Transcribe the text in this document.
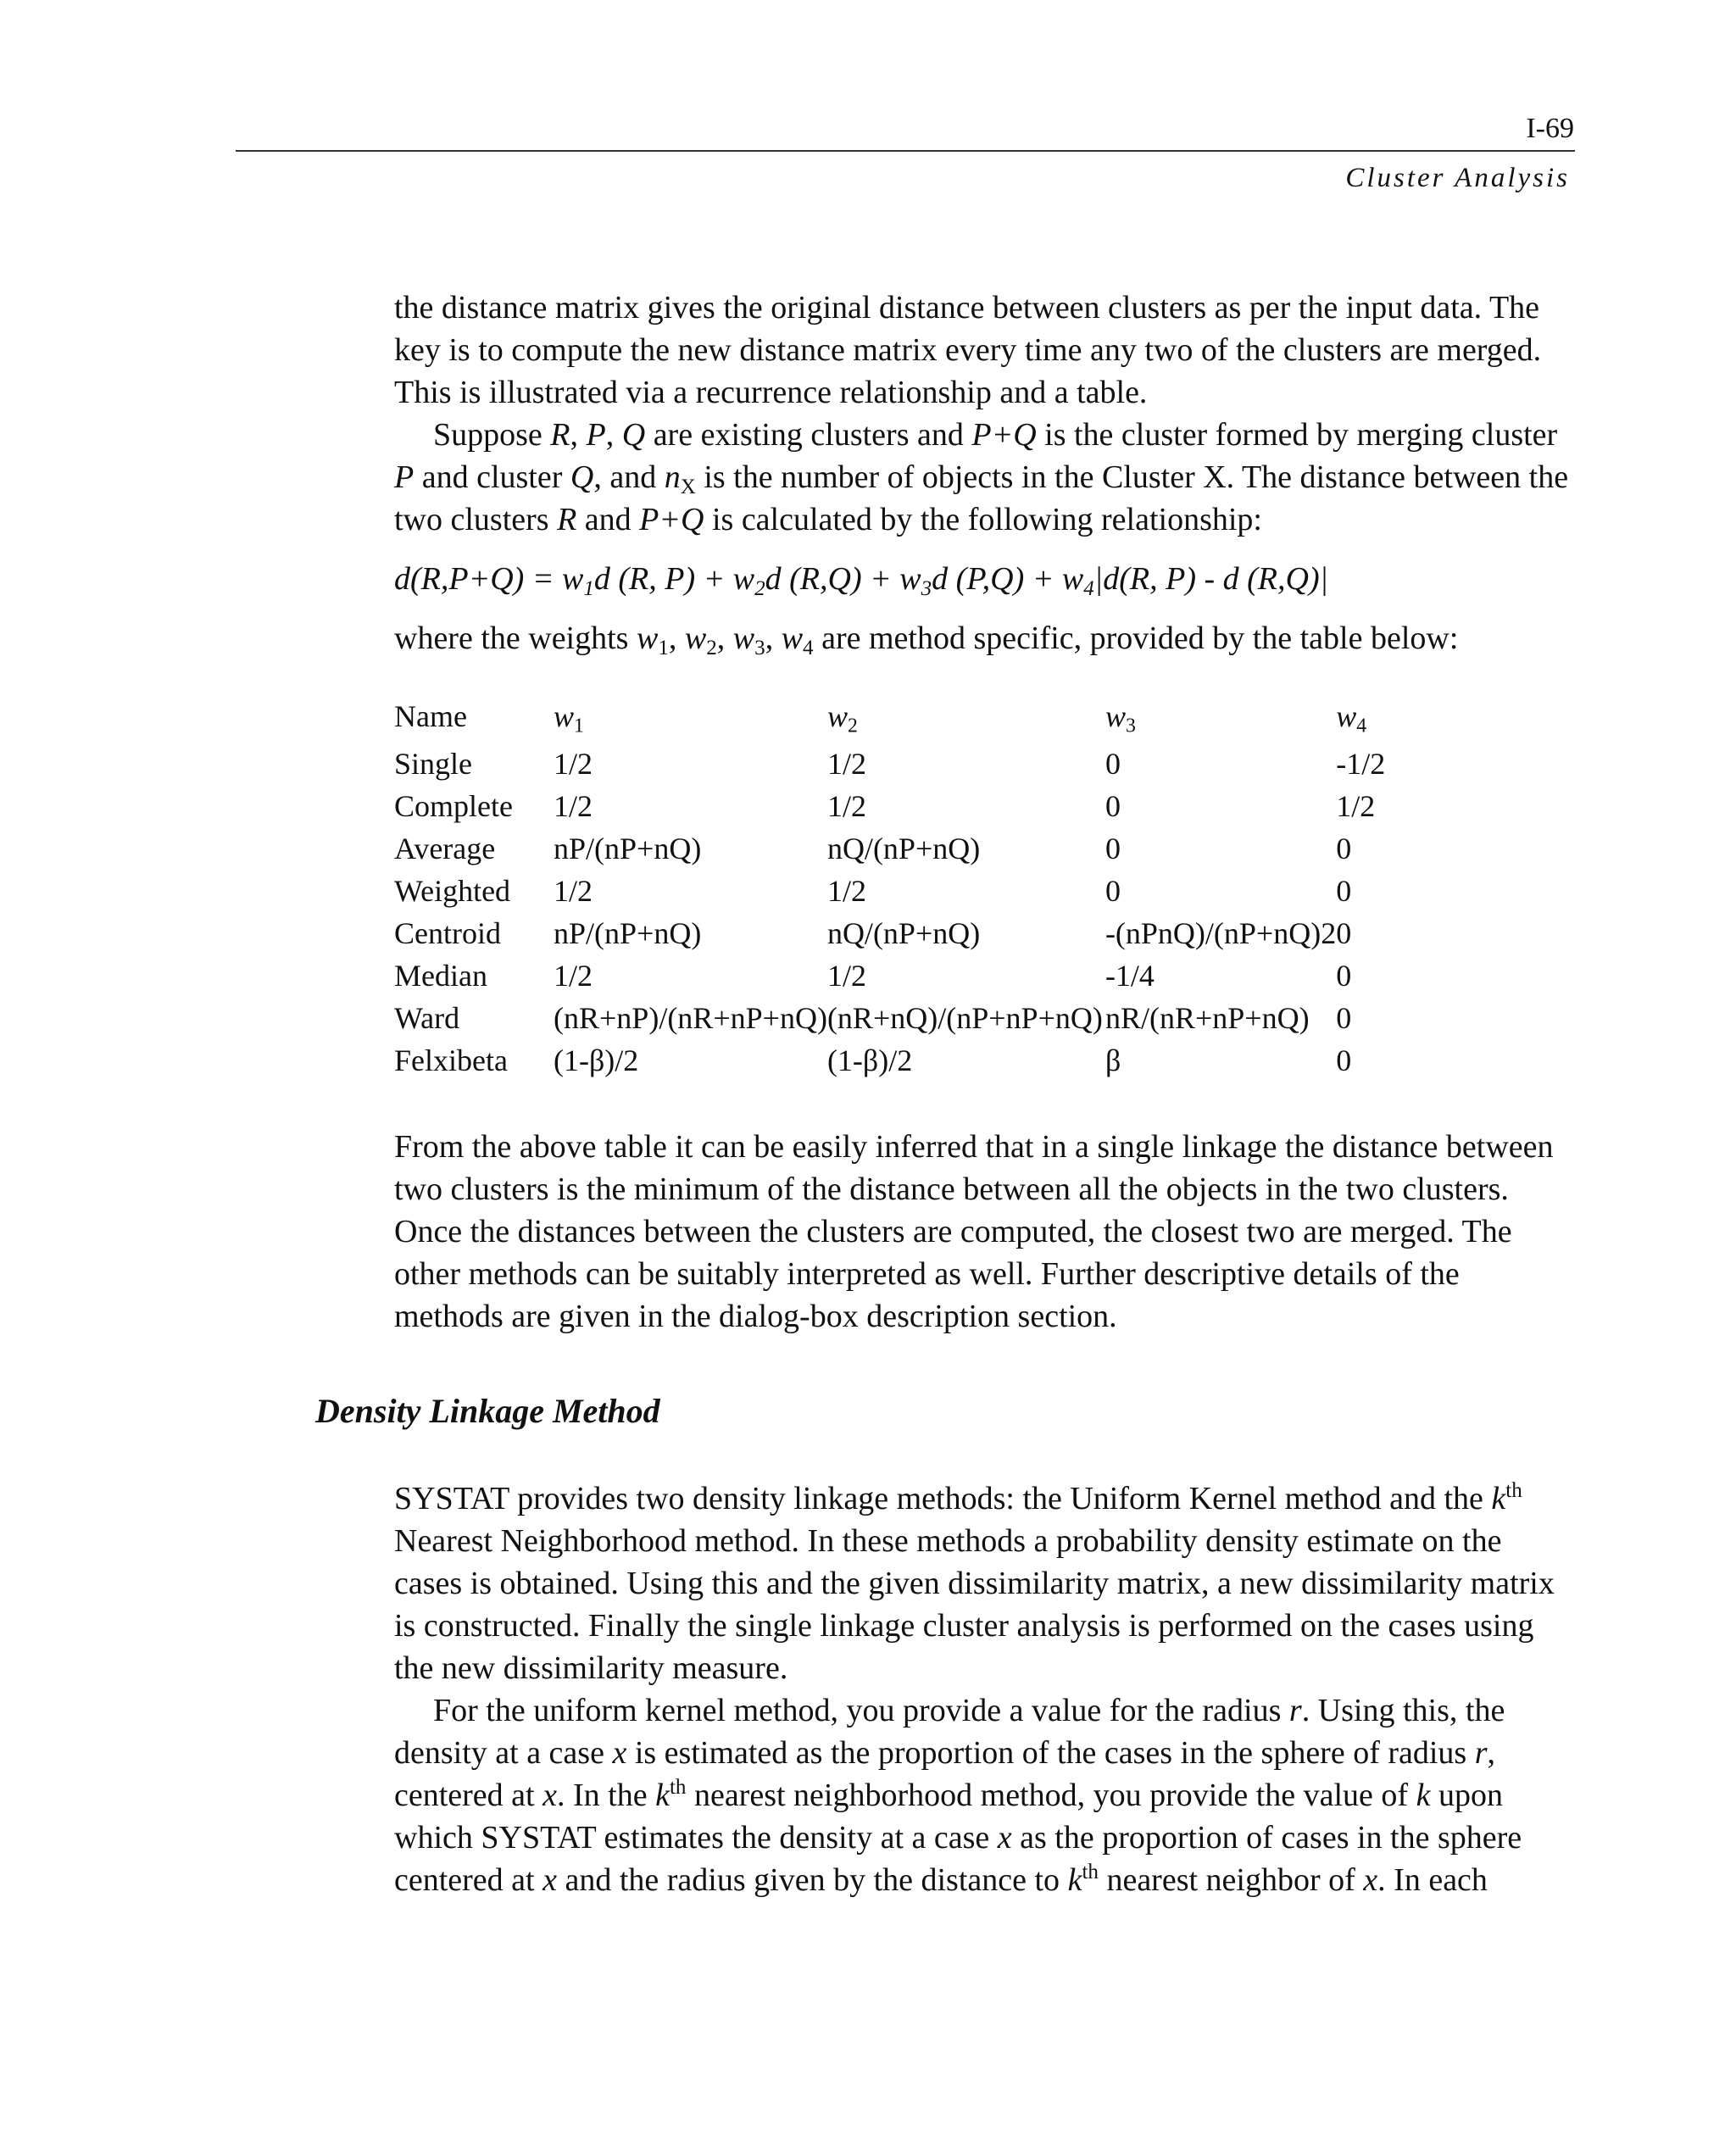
I-69
Cluster Analysis

the distance matrix gives the original distance between clusters as per the input data. The key is to compute the new distance matrix every time any two of the clusters are merged. This is illustrated via a recurrence relationship and a table.

Suppose R, P, Q are existing clusters and P+Q is the cluster formed by merging cluster P and cluster Q, and $n_X$ is the number of objects in the Cluster X. The distance between the two clusters R and P+Q is calculated by the following relationship:

$d(R,P+Q) = w_1d$ (R, $P) + w_2d$ $(R,Q) + w_3d$ $(P,Q) + w_4|d(R$, P) - d (R,Q)|

where the weights $w_1$, $w_2$, $w_3$, $w_4$ are method specific, provided by the table below:

Name	$w_1$	$w_2$	$w_3$	$w_4$
Single	1/2	1/2	0	-1/2
Complete	1/2	1/2	0	1/2
Average	nP/(nP+nQ)	nQ/(nP+nQ)	0	0
Weighted	1/2	1/2	0	0
Centroid	nP/(nP+nQ)	nQ/(nP+nQ)	-(nPnQ)/(nP+nQ)2	0
Median	1/2	1/2	-1/4	0
Ward	(nR+nP)/(nR+nP+nQ)	(nR+nQ)/(nP+nP+nQ)	nR/(nR+nP+nQ)	0
Felxibeta	(1-β)/2	(1-β)/2	β	0

From the above table it can be easily inferred that in a single linkage the distance between two clusters is the minimum of the distance between all the objects in the two clusters. Once the distances between the clusters are computed, the closest two are merged. The other methods can be suitably interpreted as well. Further descriptive details of the methods are given in the dialog-box description section.

Density Linkage Method

SYSTAT provides two density linkage methods: the Uniform Kernel method and the $k^{th}$ Nearest Neighborhood method. In these methods a probability density estimate on the cases is obtained. Using this and the given dissimilarity matrix, a new dissimilarity matrix is constructed. Finally the single linkage cluster analysis is performed on the cases using the new dissimilarity measure.

For the uniform kernel method, you provide a value for the radius r. Using this, the density at a case x is estimated as the proportion of the cases in the sphere of radius r, centered at x. In the $k^{th}$ nearest neighborhood method, you provide the value of k upon which SYSTAT estimates the density at a case x as the proportion of cases in the sphere centered at x and the radius given by the distance to $k^{th}$ nearest neighbor of x. In each
